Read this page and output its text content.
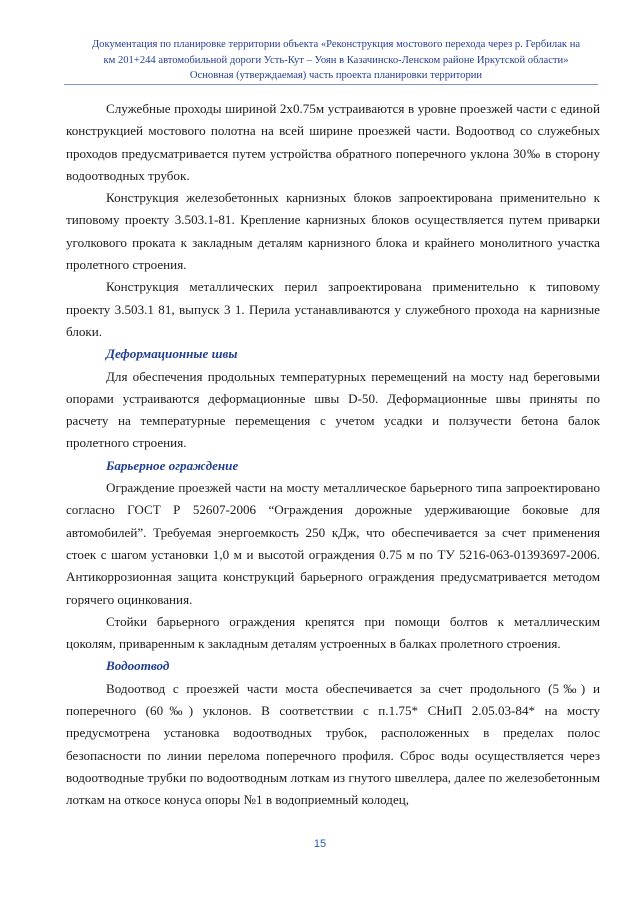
Документация по планировке территории объекта «Реконструкция мостового перехода через р. Гербилак на
км 201+244 автомобильной дороги Усть-Кут – Уоян в Казачинско-Ленском районе Иркутской области»
Основная (утверждаемая) часть проекта планировки территории

Служебные проходы шириной 2х0.75м устраиваются в уровне проезжей части с единой конструкцией мостового полотна на всей ширине проезжей части. Водоотвод со служебных проходов предусматривается путем устройства обратного поперечного уклона 30‰ в сторону водоотводных трубок.

Конструкция железобетонных карнизных блоков запроектирована применительно к типовому проекту 3.503.1-81. Крепление карнизных блоков осуществляется путем приварки уголкового проката к закладным деталям карнизного блока и крайнего монолитного участка пролетного строения.

Конструкция металлических перил запроектирована применительно к типовому проекту 3.503.1 81, выпуск 3 1. Перила устанавливаются у служебного прохода на карнизные блоки.

Деформационные швы

Для обеспечения продольных температурных перемещений на мосту над береговыми опорами устраиваются деформационные швы D-50. Деформационные швы приняты по расчету на температурные перемещения с учетом усадки и ползучести бетона балок пролетного строения.

Барьерное ограждение

Ограждение проезжей части на мосту металлическое барьерного типа запроектировано согласно ГОСТ Р 52607-2006 “Ограждения дорожные удерживающие боковые для автомобилей”. Требуемая энергоемкость 250 кДж, что обеспечивается за счет применения стоек с шагом установки 1,0 м и высотой ограждения 0.75 м по ТУ 5216-063-01393697-2006. Антикоррозионная защита конструкций барьерного ограждения предусматривается методом горячего оцинкования.

Стойки барьерного ограждения крепятся при помощи болтов к металлическим цоколям, приваренным к закладным деталям устроенных в балках пролетного строения.

Водоотвод

Водоотвод с проезжей части моста обеспечивается за счет продольного (5‰) и поперечного (60‰) уклонов. В соответствии с п.1.75* СНиП 2.05.03-84* на мосту предусмотрена установка водоотводных трубок, расположенных в пределах полос безопасности по линии перелома поперечного профиля. Сброс воды осуществляется через водоотводные трубки по водоотводным лоткам из гнутого швеллера, далее по железобетонным лоткам на откосе конуса опоры №1 в водоприемный колодец,

15
